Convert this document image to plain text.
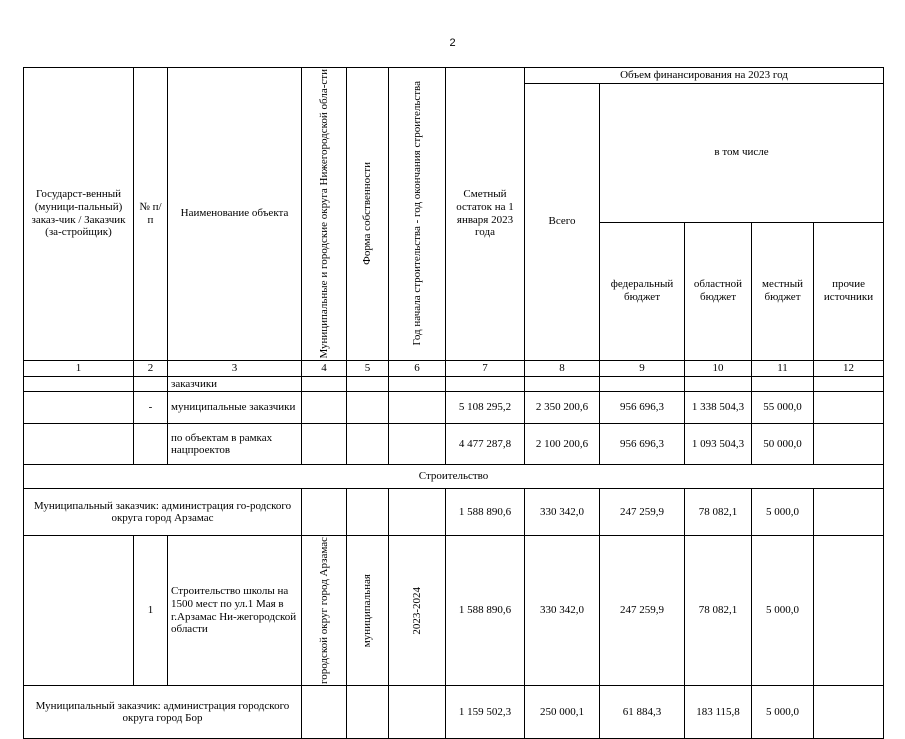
2
Государст-венный (муници-пальный) заказ-чик / Заказчик (за-стройщик)	№ п/п	Наименование объекта	Муниципальные и городские округа Нижегородской обла-сти	Форма собственности	Год начала строительства - год окончания строительства	Сметный остаток на 1 января 2023 года	Объем финансирования на 2023 год				
							Всего	в том числе			
								федеральный бюджет	областной бюджет	местный бюджет	прочие источники
1	2	3	4	5	6	7	8	9	10	11	12
		заказчики									
	-	муниципальные заказчики				5 108 295,2	2 350 200,6	956 696,3	1 338 504,3	55 000,0	
		по объектам в рамках нацпроектов				4 477 287,8	2 100 200,6	956 696,3	1 093 504,3	50 000,0	
Строительство											
Муниципальный заказчик: администрация го-родского округа город Арзамас						1 588 890,6	330 342,0	247 259,9	78 082,1	5 000,0	
	1	Строительство школы на 1500 мест по ул.1 Мая в г.Арзамас Ни-жегородской области	городской округ город Арзамас	муниципальная	2023-2024	1 588 890,6	330 342,0	247 259,9	78 082,1	5 000,0	
Муниципальный заказчик: администрация городского округа город Бор						1 159 502,3	250 000,1	61 884,3	183 115,8	5 000,0	
